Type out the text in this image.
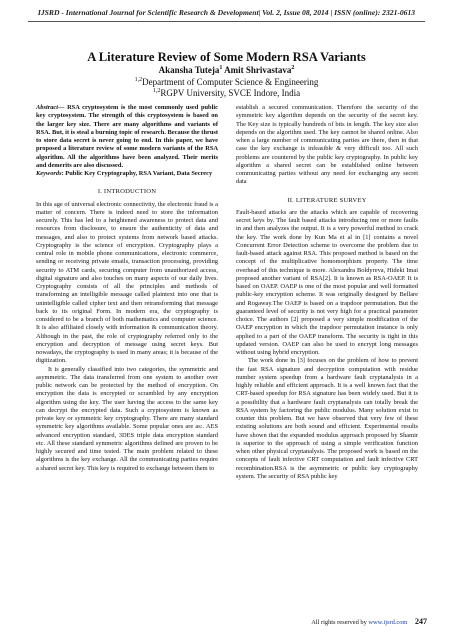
IJSRD - International Journal for Scientific Research & Development| Vol. 2, Issue 08, 2014 | ISSN (online): 2321-0613
A Literature Review of Some Modern RSA Variants
Akansha Tuteja$^1$ Amit Shrivastava$^2$
$^{1,2}$Department of Computer Science & Engineering
$^{1,2}$RGPV University, SVCE Indore, India

Abstract— RSA cryptosystem is the most commonly used public key cryptosystem. The strength of this cryptosystem is based on the larger key size. There are many algorithms and variants of RSA. But, it is steal a burning topic of research. Because the thrust to store data secret is never going to end. In this paper, we have proposed a literature review of some modern variants of the RSA algorithm. All the algorithms have been analyzed. Their merits and demerits are also discussed.

Keywords: Public Key Cryptography, RSA Variant, Data Secrecy

I. INTRODUCTION

In this age of universal electronic connectivity, the electronic fraud is a matter of concern. There is indeed need to store the information securely. This has led to a heightened awareness to protect data and resources from disclosure, to ensure the authenticity of data and messages, and also to protect systems from network based attacks. Cryptography is the science of encryption. Cryptography plays a central role in mobile phone communications, electronic commerce, sending or receiving private emails, transaction processing, providing security to ATM cards, securing computer from unauthorized access, digital signature and also touches on many aspects of our daily lives. Cryptography consists of all the principles and methods of transforming an intelligible message called plaintext into one that is unintelligible called cipher text and then retransforming that message back to its original Form. In modern era, the cryptography is considered to be a branch of both mathematics and computer science. It is also affiliated closely with information & communication theory. Although in the past, the role of cryptography referred only to the encryption and decryption of message using secret keys. But nowadays, the cryptography is used in many areas; it is because of the digitization.

It is generally classified into two categories, the symmetric and asymmetric. The data transferred from one system to another over public network can be protected by the method of encryption. On encryption the data is encrypted or scrambled by any encryption algorithm using the key. The user having the access to the same key can decrypt the encrypted data. Such a cryptosystem is known as private key or symmetric key cryptography. There are many standard symmetric key algorithms available. Some popular ones are as:. AES advanced encryption standard, 3DES triple data encryption standard etc. All these standard symmetric algorithms defined are proven to be highly secured and time tested. The main problem related to these algorithms is the key exchange. All the communicating parties require a shared secret key. This key is required to exchange between them to

establish a secured communication. Therefore the security of the symmetric key algorithm depends on the security of the secret key. The Key size is typically hundreds of bits in length. The key size also depends on the algorithm used. The key cannot be shared online. Also when a large number of communicating parties are there, then in that case the key exchange is infeasible & very difficult too. All such problems are countered by the public key cryptography. In public key algorithm a shared secret can be established online between communicating parties without any need for exchanging any secret data

II. LITERATURE SURVEY

Fault-based attacks are the attacks which are capable of recovering secret keys by. The fault based attacks introducing one or more faults in and then analyzes the output. It is a very powerful method to crack the key. The work done by Kun Ma et al in [1] contains a novel Concurrent Error Detection scheme to overcome the problem due to fault-based attack against RSA. This proposed method is based on the concept of the multiplicative homomorphism property. The time overhead of this technique is more. Alexandra Boldyreva, Hideki Imai proposed another variant of RSA[2]. It is known as RSA-OAEP. It is based on OAEP. OAEP is one of the most popular and well formatted public-key encryption scheme. It was originally designed by Bellare and Rogaway.The OAEP is based on a trapdoor permutation. But the guaranteed level of security is not very high for a practical parameter choice. The authors [2] proposed a very simple modification of the OAEP encryption in which the trapdoor permutation instance is only applied to a part of the OAEP transform. The security is tight in this updated version. OAEP can also be used to encrypt long messages without using hybrid encryption.

The work done in [3] focuses on the problem of how to prevent the fast RSA signature and decryption computation with residue number system speedup from a hardware fault cryptanalysis in a highly reliable and efficient approach. It is a well known fact that the CRT-based speedup for RSA signature has been widely used. But it is a possibility that a hardware fault cryptanalysis can totally break the RSA system by factoring the public modulus. Many solution exist to counter this problem. But we have observed that very few of these existing solutions are both sound and efficient. Experimental results have shown that the expanded modulus approach proposed by Shamir is superior to the approach of using a simple verification function when other physical cryptanalysis. The proposed work is based on the concepts of fault infective CRT computation and fault infective CRT recombination.RSA is the asymmetric or public key cryptography system. The security of RSA public key

All rights reserved by www.ijsrd.com 247
